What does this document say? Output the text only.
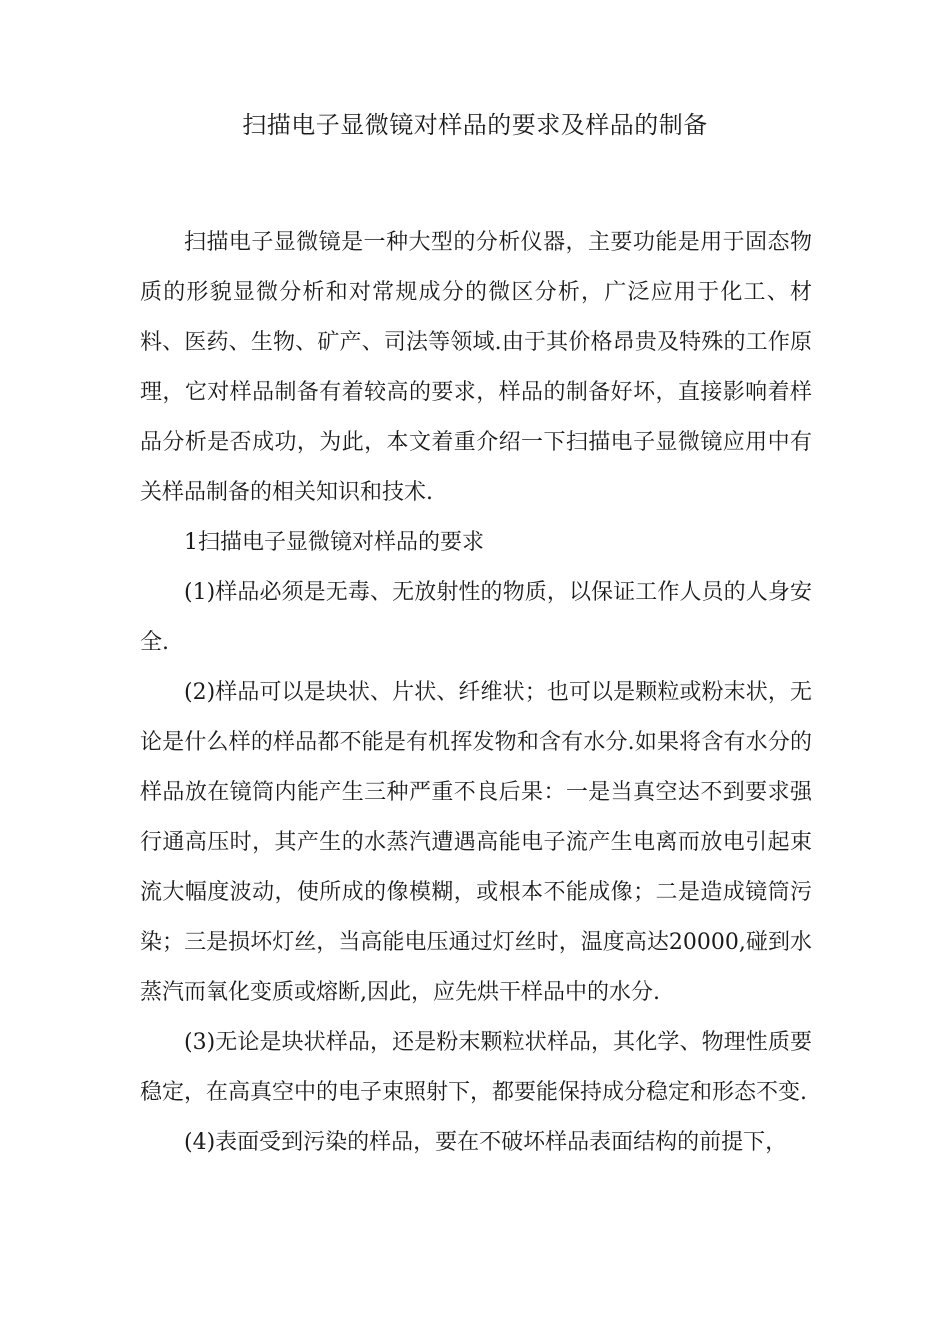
扫描电子显微镜对样品的要求及样品的制备

扫描电子显微镜是一种大型的分析仪器，主要功能是用于固态物质的形貌显微分析和对常规成分的微区分析，广泛应用于化工、材料、医药、生物、矿产、司法等领域.由于其价格昂贵及特殊的工作原理，它对样品制备有着较高的要求，样品的制备好坏，直接影响着样品分析是否成功，为此，本文着重介绍一下扫描电子显微镜应用中有关样品制备的相关知识和技术.

1扫描电子显微镜对样品的要求

(1)样品必须是无毒、无放射性的物质，以保证工作人员的人身安全.

(2)样品可以是块状、片状、纤维状；也可以是颗粒或粉末状，无论是什么样的样品都不能是有机挥发物和含有水分.如果将含有水分的样品放在镜筒内能产生三种严重不良后果：一是当真空达不到要求强行通高压时，其产生的水蒸汽遭遇高能电子流产生电离而放电引起束流大幅度波动，使所成的像模糊，或根本不能成像；二是造成镜筒污染；三是损坏灯丝，当高能电压通过灯丝时，温度高达20000,碰到水蒸汽而氧化变质或熔断,因此，应先烘干样品中的水分.

(3)无论是块状样品，还是粉末颗粒状样品，其化学、物理性质要稳定，在高真空中的电子束照射下，都要能保持成分稳定和形态不变.

(4)表面受到污染的样品，要在不破坏样品表面结构的前提下，
